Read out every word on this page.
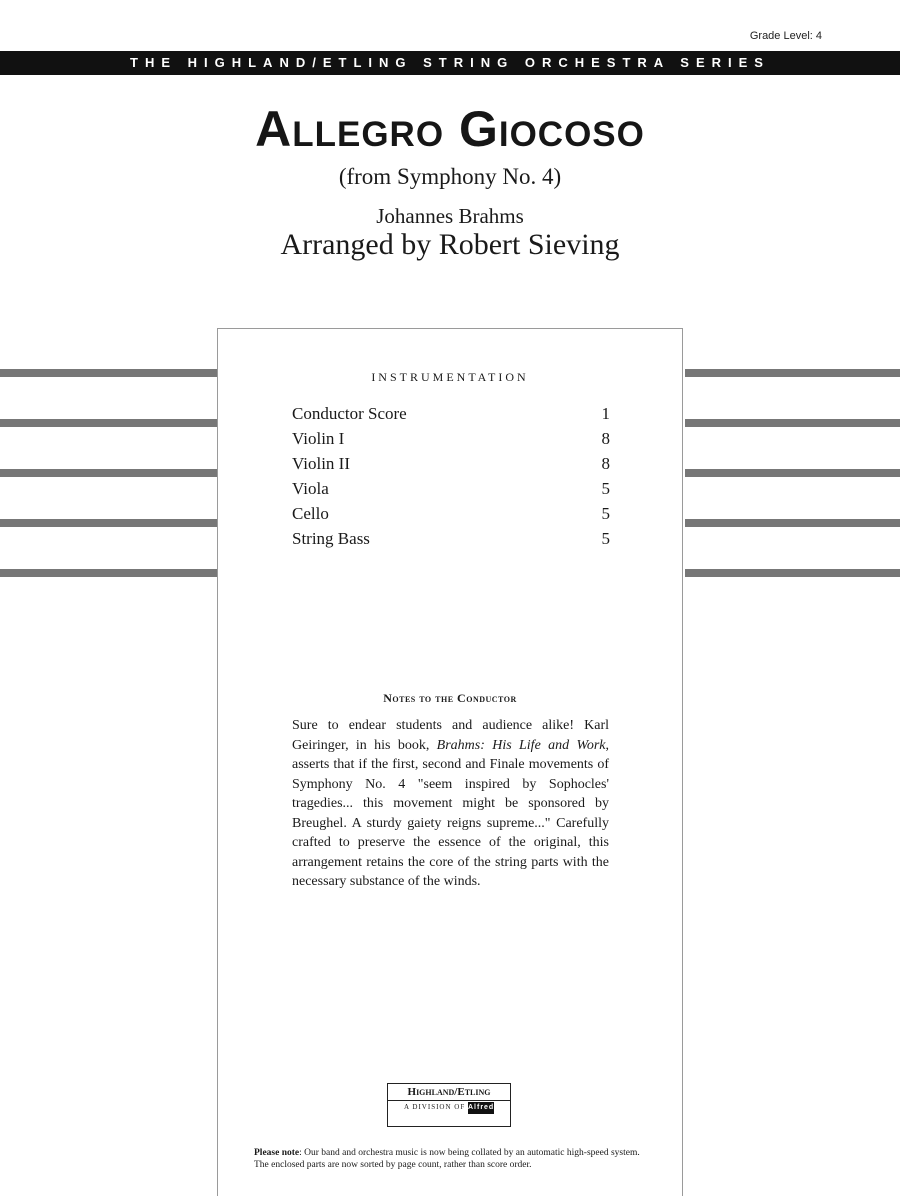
Grade Level: 4
THE HIGHLAND/ETLING STRING ORCHESTRA SERIES
Allegro Giocoso
(from Symphony No. 4)
Johannes Brahms
Arranged by Robert Sieving
INSTRUMENTATION
Conductor Score	1
Violin I	8
Violin II	8
Viola	5
Cello	5
String Bass	5
Notes to the Conductor
Sure to endear students and audience alike! Karl Geiringer, in his book, Brahms: His Life and Work, asserts that if the first, second and Finale movements of Symphony No. 4 "seem inspired by Sophocles' tragedies... this movement might be sponsored by Breughel. A sturdy gaiety reigns supreme..." Carefully crafted to preserve the essence of the original, this arrangement retains the core of the string parts with the necessary substance of the winds.
Highland/Etling
A DIVISION OF Alfred
Please note: Our band and orchestra music is now being collated by an automatic high-speed system. The enclosed parts are now sorted by page count, rather than score order.
